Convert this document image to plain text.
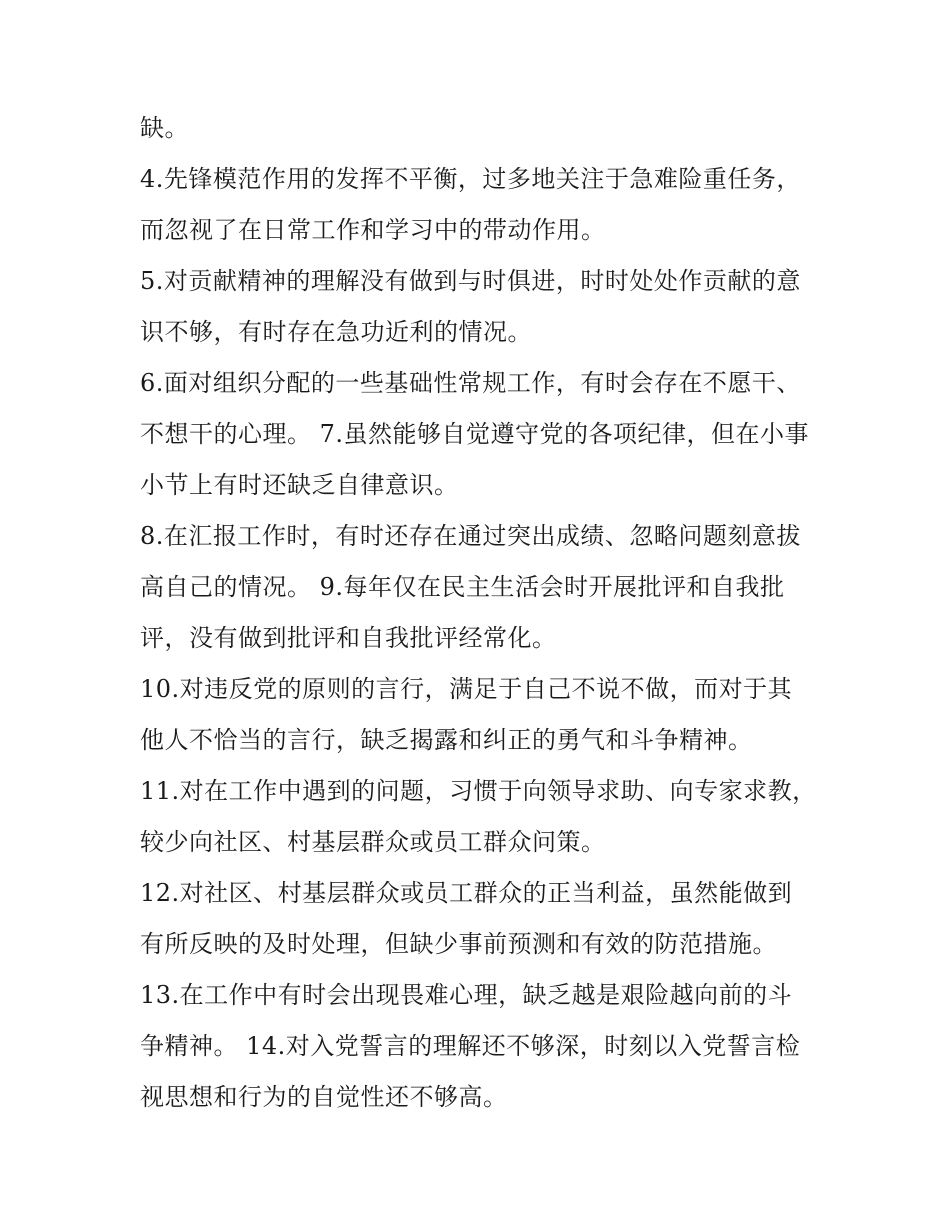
缺。
4.先锋模范作用的发挥不平衡，过多地关注于急难险重任务，
而忽视了在日常工作和学习中的带动作用。
5.对贡献精神的理解没有做到与时俱进，时时处处作贡献的意
识不够，有时存在急功近利的情况。
6.面对组织分配的一些基础性常规工作，有时会存在不愿干、
不想干的心理。 7.虽然能够自觉遵守党的各项纪律，但在小事
小节上有时还缺乏自律意识。
8.在汇报工作时，有时还存在通过突出成绩、忽略问题刻意拔
高自己的情况。 9.每年仅在民主生活会时开展批评和自我批
评，没有做到批评和自我批评经常化。
10.对违反党的原则的言行，满足于自己不说不做，而对于其
他人不恰当的言行，缺乏揭露和纠正的勇气和斗争精神。
11.对在工作中遇到的问题，习惯于向领导求助、向专家求教，
较少向社区、村基层群众或员工群众问策。
12.对社区、村基层群众或员工群众的正当利益，虽然能做到
有所反映的及时处理，但缺少事前预测和有效的防范措施。
13.在工作中有时会出现畏难心理，缺乏越是艰险越向前的斗
争精神。 14.对入党誓言的理解还不够深，时刻以入党誓言检
视思想和行为的自觉性还不够高。
